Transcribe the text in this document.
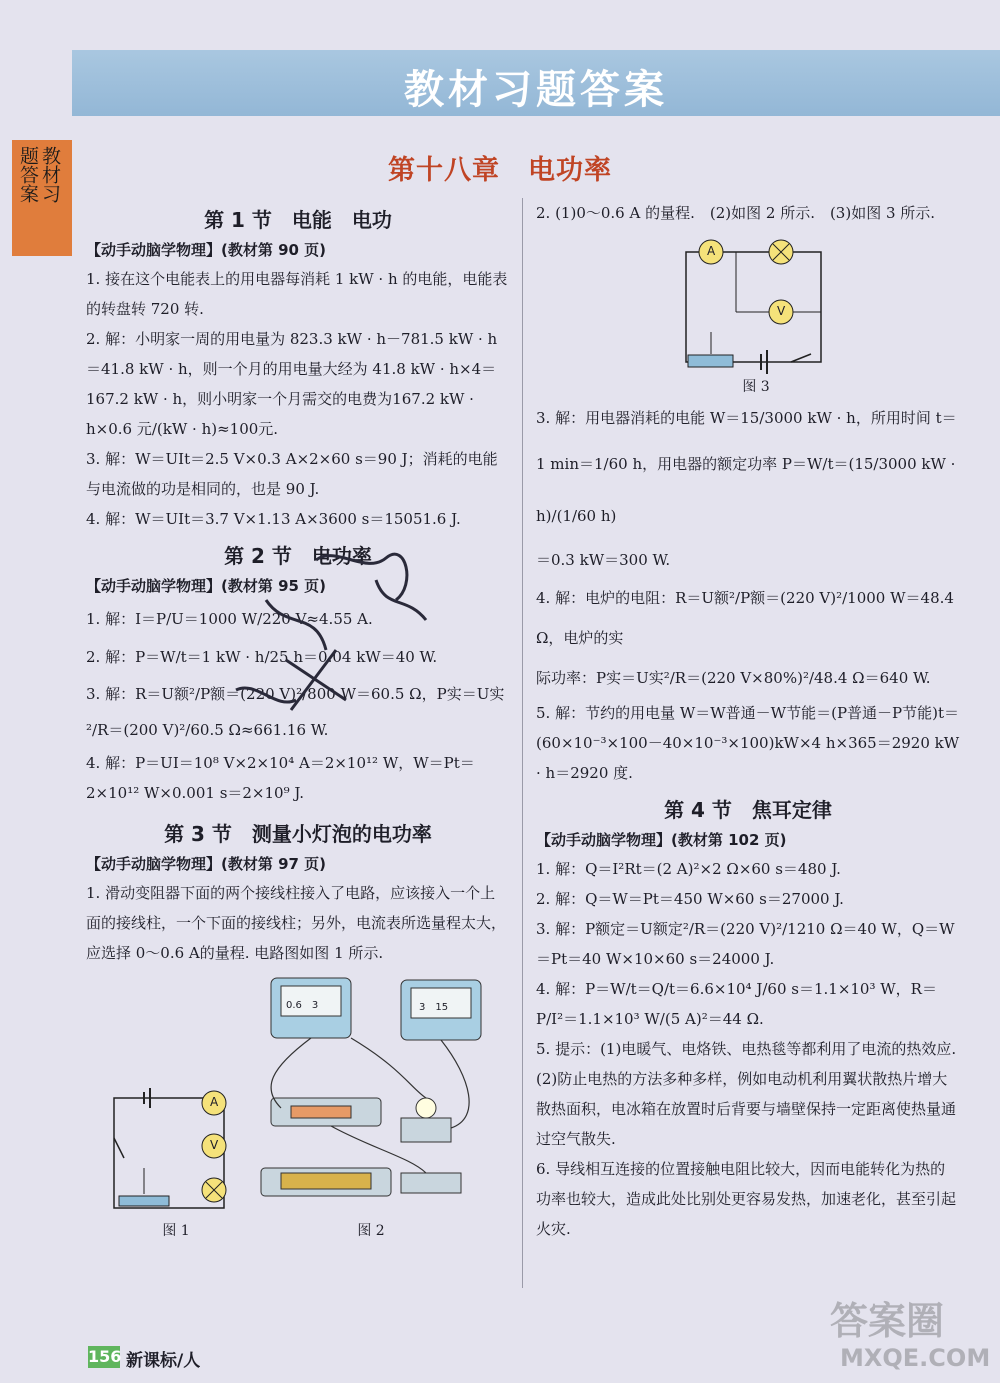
教材习题答案
教材习
题答案	第十八章　电功率
第 1 节　电能　电功
【动手动脑学物理】(教材第 90 页)

1. 接在这个电能表上的用电器每消耗 1 kW · h 的电能，电能表的转盘转 720 转.

2. 解：小明家一周的用电量为 823.3 kW · h－781.5 kW · h＝41.8 kW · h，则一个月的用电量大经为 41.8 kW · h×4＝167.2 kW · h，则小明家一个月需交的电费为167.2 kW · h×0.6 元/(kW · h)≈100元.

3. 解：W＝UIt＝2.5 V×0.3 A×2×60 s＝90 J；消耗的电能与电流做的功是相同的，也是 90 J.

4. 解：W＝UIt＝3.7 V×1.13 A×3600 s＝15051.6 J.

第 2 节　电功率
【动手动脑学物理】(教材第 95 页)

1. 解：I＝P/U＝1000 W/220 V≈4.55 A.

2. 解：P＝W/t＝1 kW · h/25 h＝0.04 kW＝40 W.

3. 解：R＝U额²/P额＝(220 V)²/800 W＝60.5 Ω，P实＝U实²/R＝(200 V)²/60.5 Ω≈661.16 W.

4. 解：P＝UI＝10⁸ V×2×10⁴ A＝2×10¹² W，W＝Pt＝2×10¹² W×0.001 s＝2×10⁹ J.

第 3 节　测量小灯泡的电功率
【动手动脑学物理】(教材第 97 页)

1. 滑动变阻器下面的两个接线柱接入了电路，应该接入一个上面的接线柱，一个下面的接线柱；另外，电流表所选量程太大，应选择 0～0.6 A的量程. 电路图如图 1 所示.

A
V
0.6　3	3　15
图 1	图 2

2. (1)0～0.6 A 的量程.　(2)如图 2 所示.　(3)如图 3 所示.

A
V
图 3

3. 解：用电器消耗的电能 W＝15/3000 kW · h，所用时间 t＝

1 min＝1/60 h，用电器的额定功率 P＝W/t＝(15/3000 kW · h)/(1/60 h)

＝0.3 kW＝300 W.

4. 解：电炉的电阻：R＝U额²/P额＝(220 V)²/1000 W＝48.4 Ω，电炉的实

际功率：P实＝U实²/R＝(220 V×80%)²/48.4 Ω＝640 W.

5. 解：节约的用电量 W＝W普通－W节能＝(P普通－P节能)t＝(60×10⁻³×100－40×10⁻³×100)kW×4 h×365＝2920 kW · h＝2920 度.

第 4 节　焦耳定律
【动手动脑学物理】(教材第 102 页)

1. 解：Q＝I²Rt＝(2 A)²×2 Ω×60 s＝480 J.

2. 解：Q＝W＝Pt＝450 W×60 s＝27000 J.

3. 解：P额定＝U额定²/R＝(220 V)²/1210 Ω＝40 W，Q＝W＝Pt＝40 W×10×60 s＝24000 J.

4. 解：P＝W/t＝Q/t＝6.6×10⁴ J/60 s＝1.1×10³ W，R＝P/I²＝1.1×10³ W/(5 A)²＝44 Ω.

5. 提示：(1)电暖气、电烙铁、电热毯等都利用了电流的热效应.(2)防止电热的方法多种多样，例如电动机利用翼状散热片增大散热面积，电冰箱在放置时后背要与墙壁保持一定距离使热量通过空气散失.

6. 导线相互连接的位置接触电阻比较大，因而电能转化为热的功率也较大，造成此处比别处更容易发热，加速老化，甚至引起火灾.

156 新课标/人
答案圈
MXQE.COM
